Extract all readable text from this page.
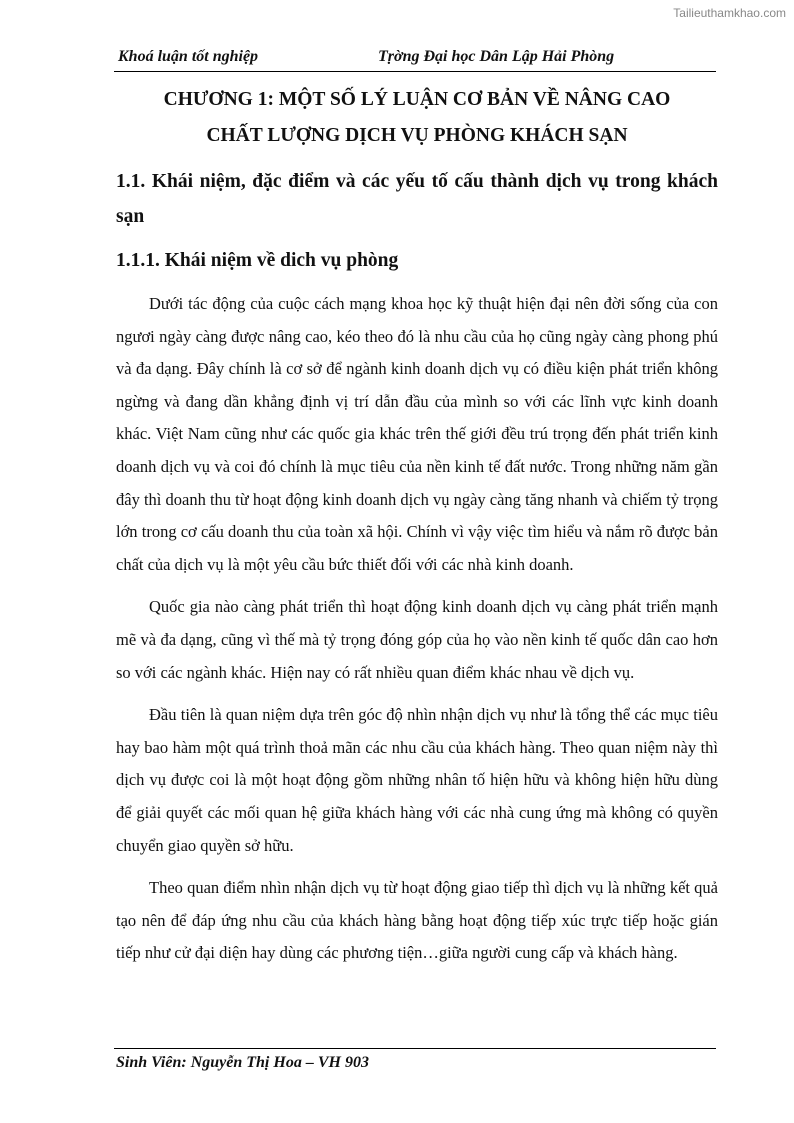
Tailieuthamkhao.com
Khoá luận tốt nghiệp	Tṛờng Đại học Dân Lập Hải Phòng

CHƯƠNG 1: MỘT SỐ LÝ LUẬN CƠ BẢN VỀ NÂNG CAO

CHẤT LƯỢNG DỊCH VỤ PHÒNG KHÁCH SẠN

1.1. Khái niệm, đặc điểm và các yếu tố cấu thành dịch vụ trong khách sạn

1.1.1. Khái niệm về dich vụ phòng

Dưới tác động của cuộc cách mạng khoa học kỹ thuật hiện đại nên đời sống của con ngươi ngày càng được nâng cao, kéo theo đó là nhu cầu của họ cũng ngày càng phong phú và đa dạng. Đây chính là cơ sở để ngành kinh doanh dịch vụ có điều kiện phát triển không ngừng và đang dần khẳng định vị trí dẫn đầu của mình so với các lĩnh vực kinh doanh khác. Việt Nam cũng như các quốc gia khác trên thế giới đều trú trọng đến phát triển kinh doanh dịch vụ và coi đó chính là mục tiêu của nền kinh tế đất nước. Trong những năm gần đây thì doanh thu từ hoạt động kinh doanh dịch vụ ngày càng tăng nhanh và chiếm tỷ trọng lớn trong cơ cấu doanh thu của toàn xã hội. Chính vì vậy việc tìm hiểu và nắm rõ được bản chất của dịch vụ là một yêu cầu bức thiết đối với các nhà kinh doanh.

Quốc gia nào càng phát triển thì hoạt động kinh doanh dịch vụ càng phát triển mạnh mẽ và đa dạng, cũng vì thế mà tỷ trọng đóng góp của họ vào nền kinh tế quốc dân cao hơn so với các ngành khác. Hiện nay có rất nhiều quan điểm khác nhau về dịch vụ.

Đầu tiên là quan niệm dựa trên góc độ nhìn nhận dịch vụ như là tổng thể các mục tiêu hay bao hàm một quá trình thoả mãn các nhu cầu của khách hàng. Theo quan niệm này thì dịch vụ được coi là một hoạt động gồm những nhân tố hiện hữu và không hiện hữu dùng để giải quyết các mối quan hệ giữa khách hàng với các nhà cung ứng mà không có quyền chuyển giao quyền sở hữu.

Theo quan điểm nhìn nhận dịch vụ từ hoạt động giao tiếp thì dịch vụ là những kết quả tạo nên để đáp ứng nhu cầu của khách hàng bằng hoạt động tiếp xúc trực tiếp hoặc gián tiếp như cử đại diện hay dùng các phương tiện…giữa người cung cấp và khách hàng.

Sinh Viên: Nguyễn Thị Hoa – VH 903
